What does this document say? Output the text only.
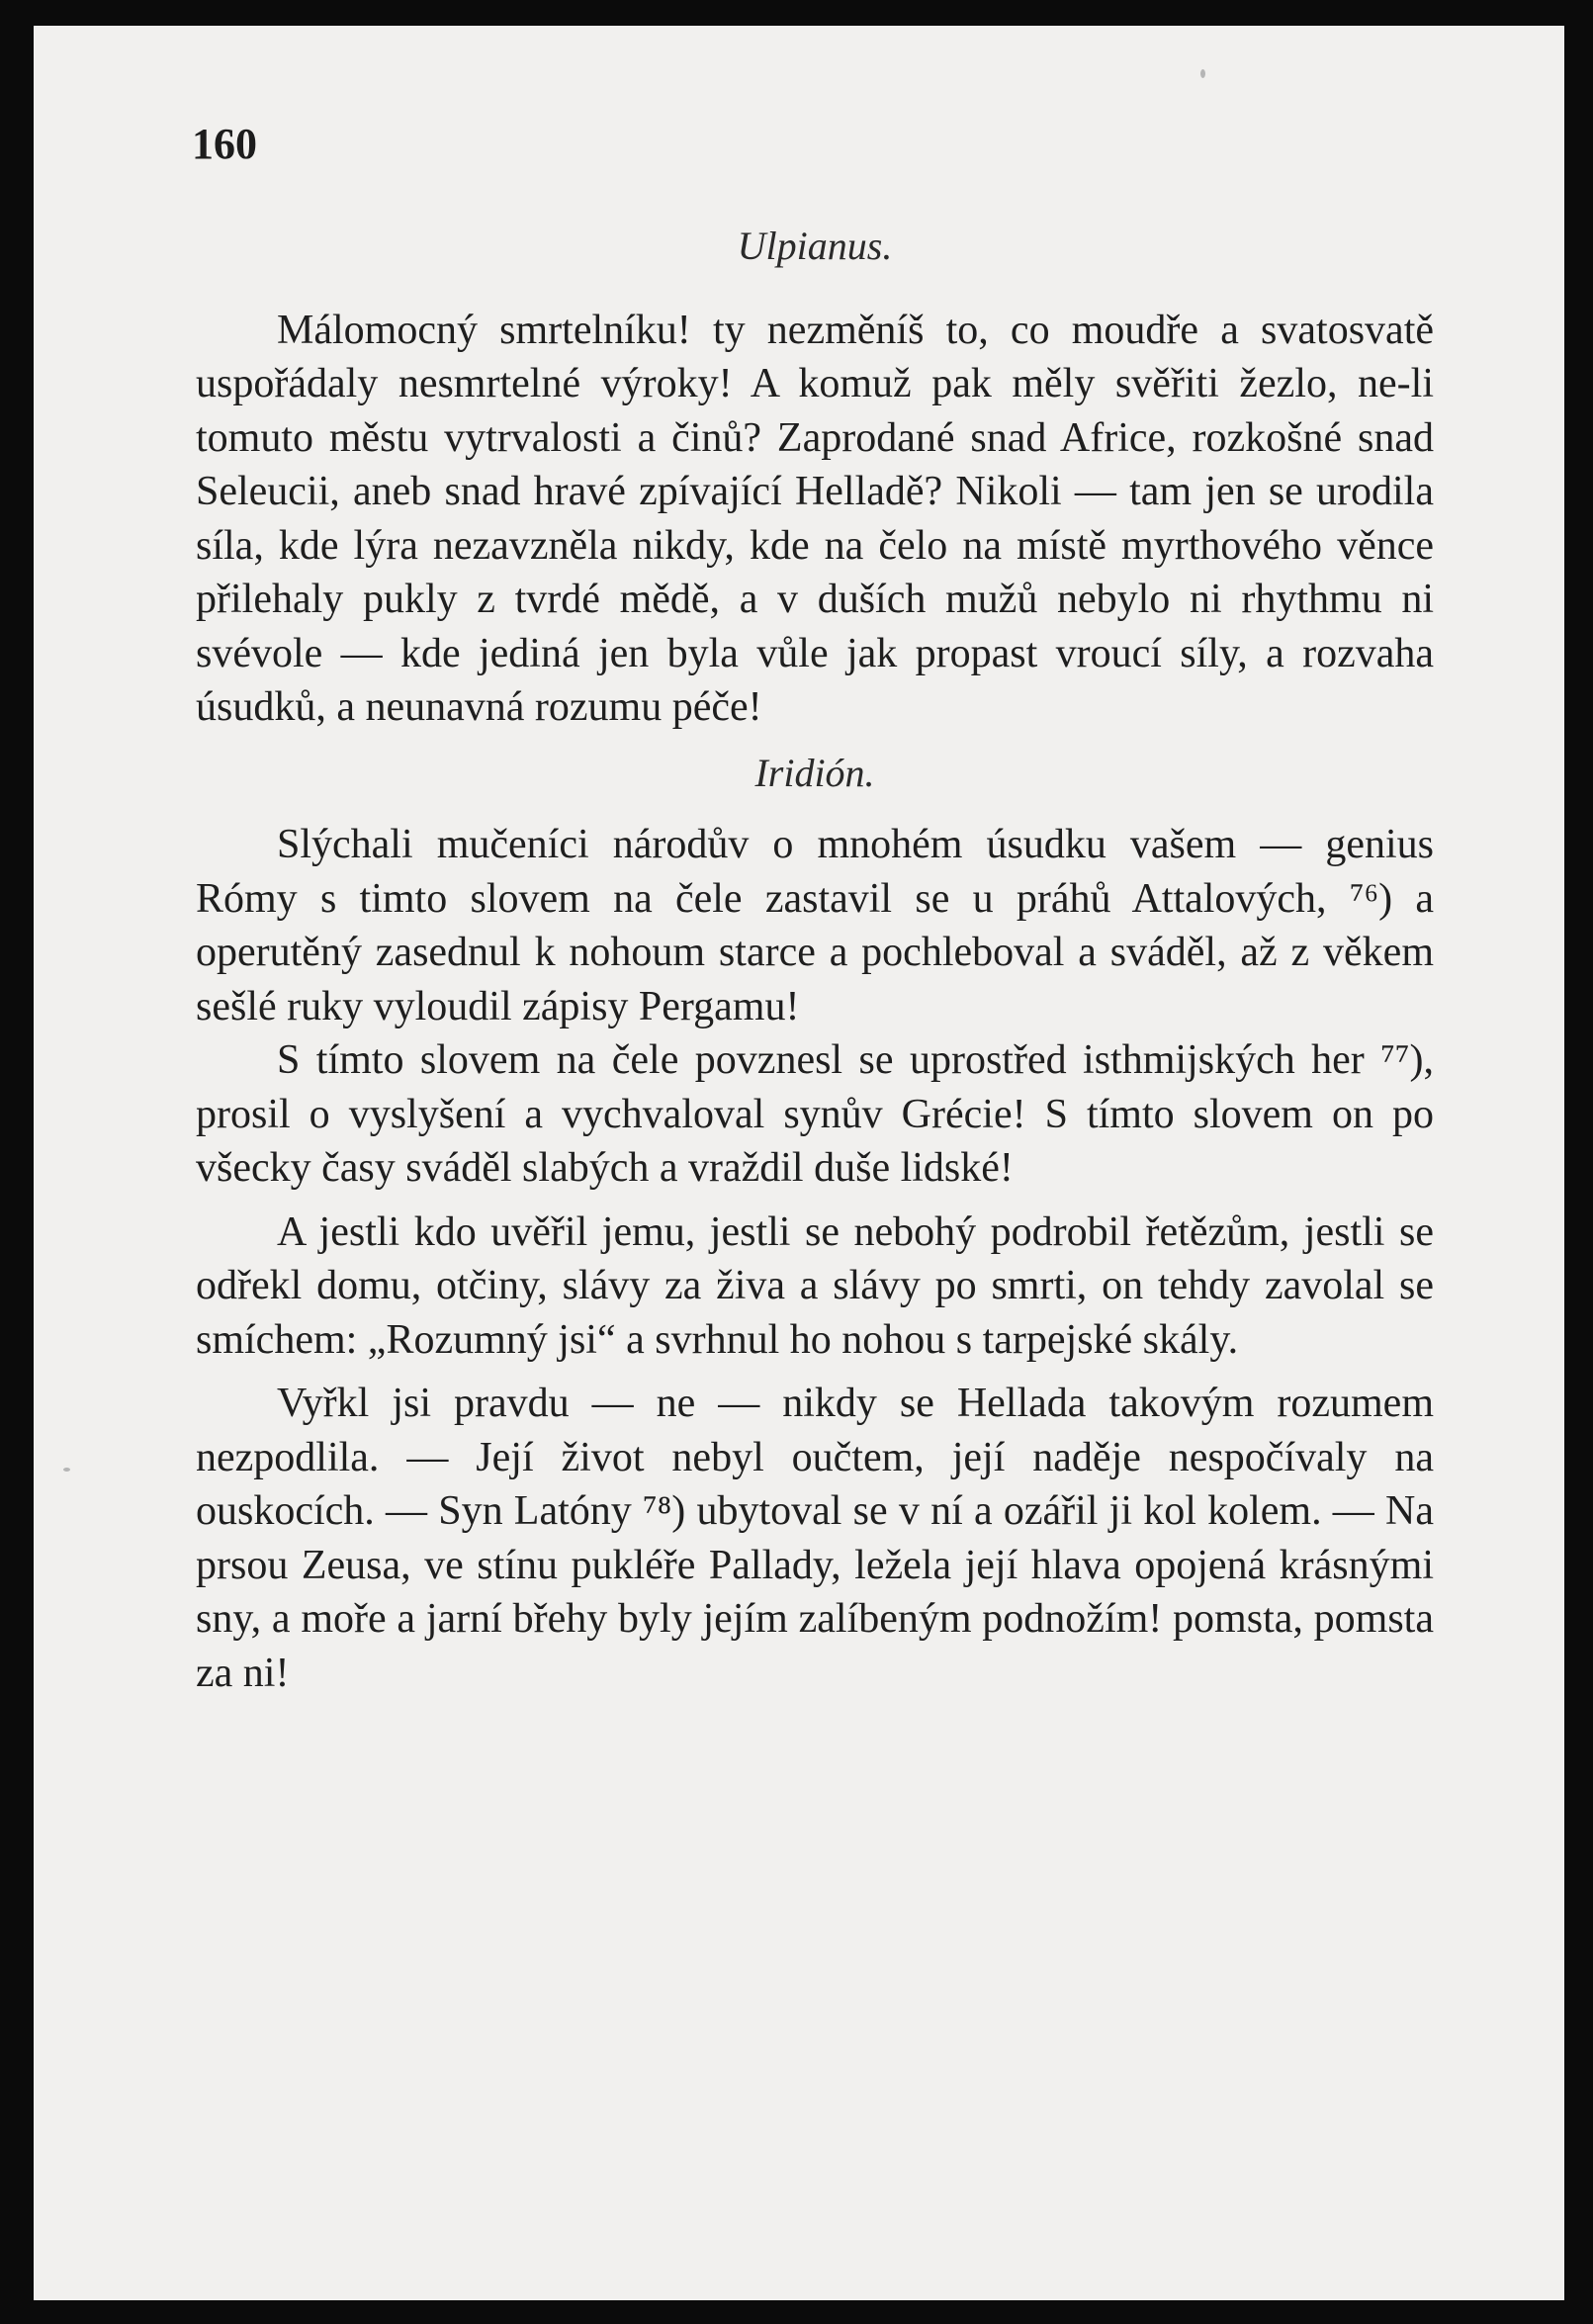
160
Ulpianus.

Málomocný smrtelníku! ty nezměníš to, co moudře a svatosvatě uspořádaly nesmrtelné výroky! A komuž pak měly svěřiti žezlo, ne-li tomuto městu vytrvalosti a činů? Zaprodané snad Africe, rozkošné snad Seleucii, aneb snad hravé zpívající Helladě? Nikoli — tam jen se urodila síla, kde lýra nezavzněla nikdy, kde na čelo na místě myrthového věnce přilehaly pukly z tvrdé mědě, a v duších mužů nebylo ni rhythmu ni svévole — kde jediná jen byla vůle jak propast vroucí síly, a rozvaha úsudků, a neunavná rozumu péče!

Iridión.

Slýchali mučeníci národův o mnohém úsudku vašem — genius Rómy s timto slovem na čele zastavil se u práhů Attalových, ⁷⁶) a operutěný zasednul k nohoum starce a pochleboval a sváděl, až z věkem sešlé ruky vyloudil zápisy Pergamu!

S tímto slovem na čele povznesl se uprostřed isthmijských her ⁷⁷), prosil o vyslyšení a vychvaloval synův Grécie! S tímto slovem on po všecky časy sváděl slabých a vraždil duše lidské!

A jestli kdo uvěřil jemu, jestli se nebohý podrobil řetězům, jestli se odřekl domu, otčiny, slávy za živa a slávy po smrti, on tehdy zavolal se smíchem: „Rozumný jsi“ a svrhnul ho nohou s tarpejské skály.

Vyřkl jsi pravdu — ne — nikdy se Hellada takovým rozumem nezpodlila. — Její život nebyl oučtem, její naděje nespočívaly na ouskocích. — Syn Latóny ⁷⁸) ubytoval se v ní a ozářil ji kol kolem. — Na prsou Zeusa, ve stínu pukléře Pallady, ležela její hlava opojená krásnými sny, a moře a jarní břehy byly jejím zalíbeným podnožím! pomsta, pomsta za ni!
